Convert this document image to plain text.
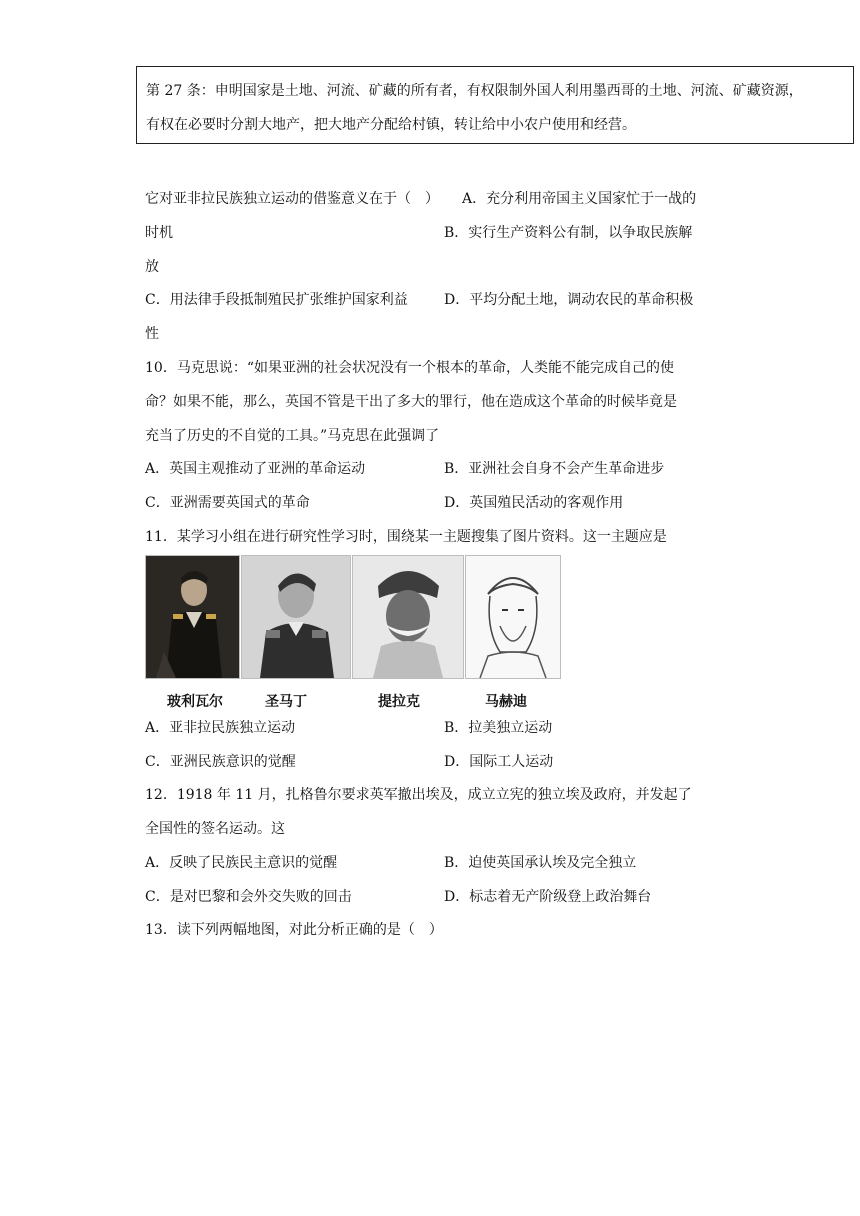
第 27 条：申明国家是土地、河流、矿藏的所有者，有权限制外国人利用墨西哥的土地、河流、矿藏资源，
有权在必要时分割大地产，把大地产分配给村镇，转让给中小农户使用和经营。
它对亚非拉民族独立运动的借鉴意义在于（　） A．充分利用帝国主义国家忙于一战的
时机	B．实行生产资料公有制，以争取民族解
放
C．用法律手段抵制殖民扩张维护国家利益	D．平均分配土地，调动农民的革命积极
性
10．马克思说：“如果亚洲的社会状况没有一个根本的革命，人类能不能完成自己的使
命？如果不能，那么，英国不管是干出了多大的罪行，他在造成这个革命的时候毕竟是
充当了历史的不自觉的工具。”马克思在此强调了
A．英国主观推动了亚洲的革命运动	B．亚洲社会自身不会产生革命进步
C．亚洲需要英国式的革命	D．英国殖民活动的客观作用
11．某学习小组在进行研究性学习时，围绕某一主题搜集了图片资料。这一主题应是
玻利瓦尔	圣马丁	提拉克	马赫迪
A．亚非拉民族独立运动	B．拉美独立运动
C．亚洲民族意识的觉醒	D．国际工人运动
12．1918 年 11 月，扎格鲁尔要求英军撤出埃及，成立立宪的独立埃及政府，并发起了
全国性的签名运动。这
A．反映了民族民主意识的觉醒	B．迫使英国承认埃及完全独立
C．是对巴黎和会外交失败的回击	D．标志着无产阶级登上政治舞台
13．读下列两幅地图，对此分析正确的是（　）
